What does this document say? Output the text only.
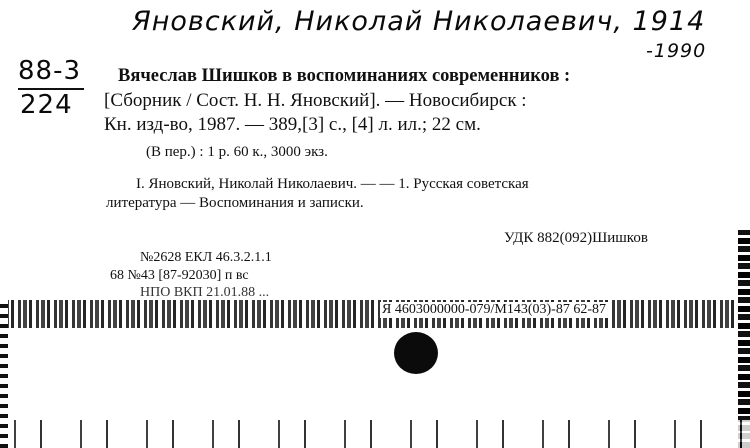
Яновский, Николай Николаевич, 1914
-1990
88-3
224
Вячеслав Шишков в воспоминаниях современников :
[Сборник / Сост. Н. Н. Яновский]. — Новосибирск :
Кн. изд-во, 1987. — 389,[3] с., [4] л. ил.; 22 см.
(В пер.) : 1 р. 60 к., 3000 экз.
I. Яновский, Николай Николаевич. — — 1. Русская советская
литература — Воспоминания и записки.
УДК 882(092)Шишков
№2628 ЕКЛ 46.3.2.1.1
68 №43 [87-92030] п вс
НПО ВКП 21.01.88 ...
Я 4603000000-079/М143(03)-87 62-87
